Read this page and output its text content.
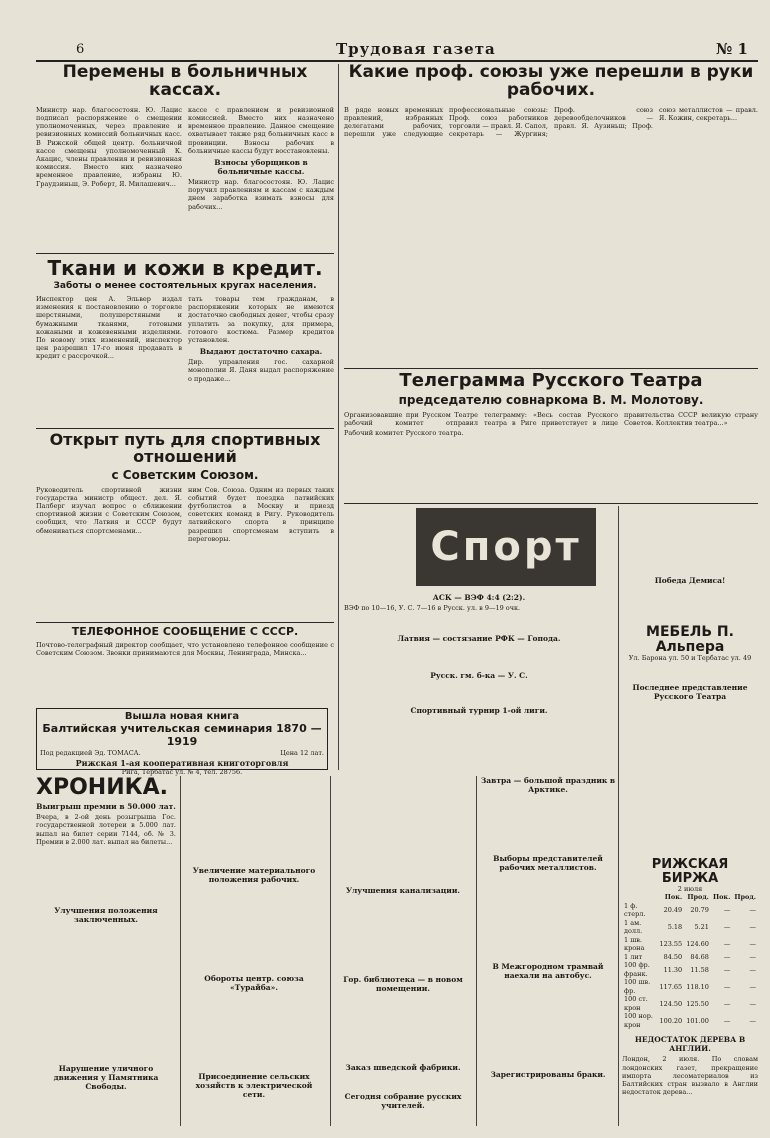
6	Трудовая газета	№ 1
Перемены в больничных кассах.
Министр нар. благосостоян. Ю. Лацис подписал распоряжение о смещении уполномоченных, через правление и ревизионных комиссий больничных касс. В Рижской общей центр. больничной кассе смещены уполномоченный К. Акацис, члены правления и ревизионная комиссия. Вместо них назначено временное правление, избраны Ю. Граудзиньш, Э. Роберт, Я. Милашевич...
кассе с правлением и ревизионной комиссией. Вместо них назначено временное правление. Данное смещение охватывает также ряд больничных касс в провинции. Взносы рабочих в больничные кассы будут восстановлены.
Взносы уборщиков в больничные кассы.
Министр нар. благосостоян. Ю. Лацис поручил правлениям и кассам с каждым днем заработка взимать взносы для рабочих...
Ткани и кожи в кредит.
Заботы о менее состоятельных кругах населения.
Инспектор цен А. Эльвер издал изменения к постановлению о торговле шерстяными, полушерстяными и бумажными тканями, готовыми кожаными и кожевенными изделиями. По новому этих изменений, инспектор цен разрешил 17-го июня продавать в кредит с рассрочкой...
тать товары тем гражданам, в распоряжении которых не имеются достаточно свободных денег, чтобы сразу уплатить за покупку, для примера, готового костюма. Размер кредитов установлен.
Выдают достаточно сахара.
Дир. управления гос. сахарной монополии Я. Даня выдал распоряжение о продаже...
Открыт путь для спортивных отношений
с Советским Союзом.
Руководитель спортивной жизни государства министр общест. дел. Я. Палберг изучал вопрос о сближении спортивной жизни с Советским Союзом, сообщил, что Латвия и СССР будут обмениваться спортсменами...
ним Сов. Союза. Одним из первых таких событий будет поездка латвийских футболистов в Москву и приезд советских команд в Ригу. Руководитель латвийского спорта в принципе разрешил спортсменам вступить в переговоры.
ТЕЛЕФОННОЕ СООБЩЕНИЕ С СССР.
Почтово-телеграфный директор сообщает, что установлено телефонное сообщение с Советским Союзом. Звонки принимаются для Москвы, Ленинграда, Минска...
Вышла новая книга
Балтийская учительская семинария 1870 — 1919
Под редакцией Эд. ТОМАСА.	Цена 12 лат.
Рижская 1-ая кооперативная книготорговля
Рига, Тербатас ул. № 4, тел. 28756.
ХРОНИКА.
Выигрыш премии в 50.000 лат.
Вчера, в 2-ой день розыгрыша Гос. государственной лотереи в 5.000 лат. выпал на билет серии 7144, об. № 3. Премии в 2.000 лат. выпал на билеты...
Улучшения положения заключенных.
Нарушение уличного движения у Памятника Свободы.
Увеличение материального положения рабочих.
Обороты центр. союза «Турайба».
Присоединение сельских хозяйств к электрической сети.
Улучшения канализации.
Гор. библиотека — в новом помещении.
Заказ шведской фабрики.
Сегодня собрание русских учителей.
Завтра — большой праздник в Арктике.
Выборы представителей рабочих металлистов.
В Межгородном трамвай наехали на автобус.
Зарегистрированы браки.
Какие проф. союзы уже перешли в руки рабочих.
В ряде новых временных правлений, избранных делегатами рабочих, перешли уже следующие профессиональные союзы: Проф. союз работников торговли — правл. Я. Сапол, секретарь — Жургиня; Проф. союз деревообделочников — правл. Я. Аузиньш; Проф. союз металлистов — правл. Я. Кожин, секретарь...
Телеграмма Русского Театра
председателю совнаркома В. М. Молотову.
Организовавшие при Русском Театре рабочий комитет отправил телеграмму: «Весь состав Русского театра в Риге приветствует в лице правительства СССР великую страну Советов. Коллектив театра...»
Рабочий комитет Русского театра.
Спорт
АСК — ВЭФ 4:4 (2:2).
ВЭФ по 10—16, У. С. 7—16 в Русск. ул. в 9—19 очк.
Латвия — состязание РФК — Гопода.
Русск. гм. б-ка — У. С.
Спортивный турнир 1-ой лиги.
Победа Демиса!
МЕБЕЛЬ П. Альпера
Ул. Барона ул. 50 и Тербатас ул. 49
Последнее представление Русского Театра
РИЖСКАЯ БИРЖА
2 июля
	Пок.	Прод.	Пок.	Прод.
1 ф. стерл.	20.49	20.79	—	—
1 ам. долл.	5.18	5.21	—	—
1 шв. крона	123.55	124.60	—	—
1 лит	84.50	84.68	—	—
100 фр. франк.	11.30	11.58	—	—
100 шв. фр.	117.65	118.10	—	—
100 ст. крон	124.50	125.50	—	—
100 нор. крон	100.20	101.00	—	—
НЕДОСТАТОК ДЕРЕВА В АНГЛИИ.
Лондон, 2 июля. По словам лондонских газет, прекращение импорта лесоматериалов из Балтийских стран вызвало в Англии недостаток дерева...
